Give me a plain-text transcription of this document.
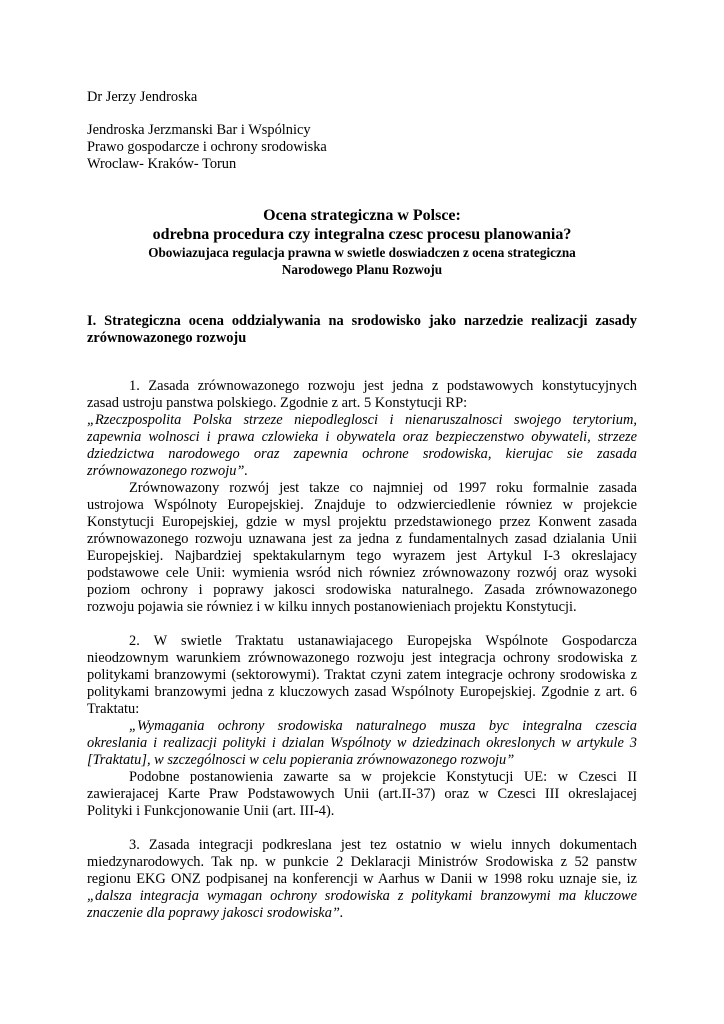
Dr Jerzy Jendroska
Jendroska Jerzmanski Bar i Wspólnicy
Prawo gospodarcze i ochrony srodowiska
Wroclaw- Kraków- Torun
Ocena strategiczna w Polsce:
odrebna procedura czy integralna czesc procesu planowania?
Obowiazujaca regulacja prawna w swietle doswiadczen z ocena strategiczna
Narodowego Planu Rozwoju
I. Strategiczna ocena oddzialywania na srodowisko jako narzedzie realizacji zasady
zrównowazonego rozwoju
1. Zasada zrównowazonego rozwoju jest jedna z podstawowych konstytucyjnych
zasad ustroju panstwa polskiego. Zgodnie z art. 5 Konstytucji RP:
„Rzeczpospolita Polska strzeze niepodleglosci i nienaruszalnosci swojego terytorium,
zapewnia wolnosci i prawa czlowieka i obywatela oraz bezpieczenstwo obywateli, strzeze
dziedzictwa narodowego oraz zapewnia ochrone srodowiska, kierujac sie zasada
zrównowazonego rozwoju”.
Zrównowazony rozwój jest takze co najmniej od 1997 roku formalnie zasada
ustrojowa Wspólnoty Europejskiej. Znajduje to odzwierciedlenie równiez w projekcie
Konstytucji Europejskiej, gdzie w mysl projektu przedstawionego przez Konwent zasada
zrównowazonego rozwoju uznawana jest za jedna z fundamentalnych zasad dzialania Unii
Europejskiej. Najbardziej spektakularnym tego wyrazem jest Artykul I-3 okreslajacy
podstawowe cele Unii: wymienia wsród nich równiez zrównowazony rozwój oraz wysoki
poziom ochrony i poprawy jakosci srodowiska naturalnego. Zasada zrównowazonego
rozwoju pojawia sie równiez i w kilku innych postanowieniach projektu Konstytucji.
2. W swietle Traktatu ustanawiajacego Europejska Wspólnote Gospodarcza
nieodzownym warunkiem zrównowazonego rozwoju jest integracja ochrony srodowiska z
politykami branzowymi (sektorowymi). Traktat czyni zatem integracje ochrony srodowiska z
politykami branzowymi jedna z kluczowych zasad Wspólnoty Europejskiej. Zgodnie z art. 6
Traktatu:
„Wymagania ochrony srodowiska naturalnego musza byc integralna czescia
okreslania i realizacji polityki i dzialan Wspólnoty w dziedzinach okreslonych w artykule 3
[Traktatu], w szczególnosci w celu popierania zrównowazonego rozwoju”
Podobne postanowienia zawarte sa w projekcie Konstytucji UE: w Czesci II
zawierajacej Karte Praw Podstawowych Unii (art.II-37) oraz w Czesci III okreslajacej
Polityki i Funkcjonowanie Unii (art. III-4).
3. Zasada integracji podkreslana jest tez ostatnio w wielu innych dokumentach
miedzynarodowych. Tak np. w punkcie 2 Deklaracji Ministrów Srodowiska z 52 panstw
regionu EKG ONZ podpisanej na konferencji w Aarhus w Danii w 1998 roku uznaje sie, iz
„dalsza integracja wymagan ochrony srodowiska z politykami branzowymi ma kluczowe
znaczenie dla poprawy jakosci srodowiska”.
